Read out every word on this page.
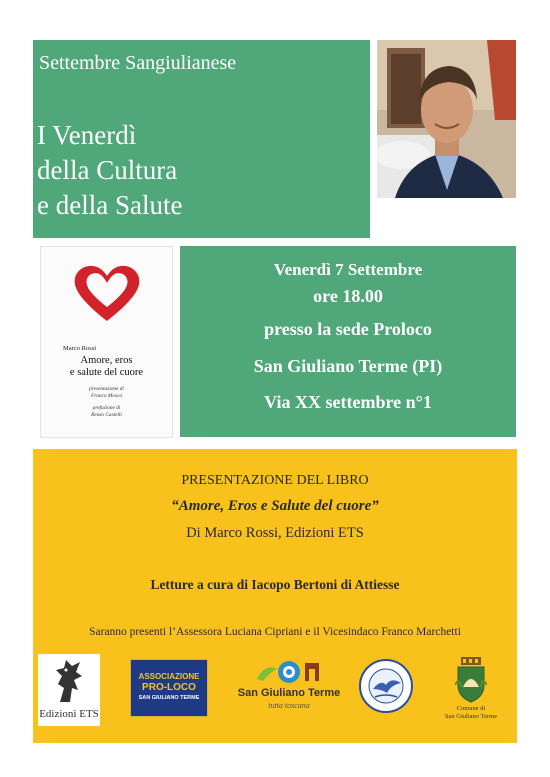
Settembre Sangiulianese
I Venerdì
della Cultura
e della Salute
Marco Rossi
Amore, eros
e salute del cuore
presentazione di
Franco Mosca
prefazione di
Renzo Castelli
Venerdì 7 Settembre
ore 18.00
presso la sede Proloco
San Giuliano Terme (PI)
Via XX settembre n°1
PRESENTAZIONE DEL LIBRO
“Amore, Eros e Salute del cuore”
Di Marco Rossi, Edizioni ETS
Letture a cura di Iacopo Bertoni di Attiesse
Saranno presenti l’Assessora Luciana Cipriani e il Vicesindaco Franco Marchetti
Edizioni ETS
ASSOCIAZIONE
PRO-LOCO
SAN GIULIANO TERME	San Giuliano Terme
tutta toscana	Comune di
San Giuliano Terme
